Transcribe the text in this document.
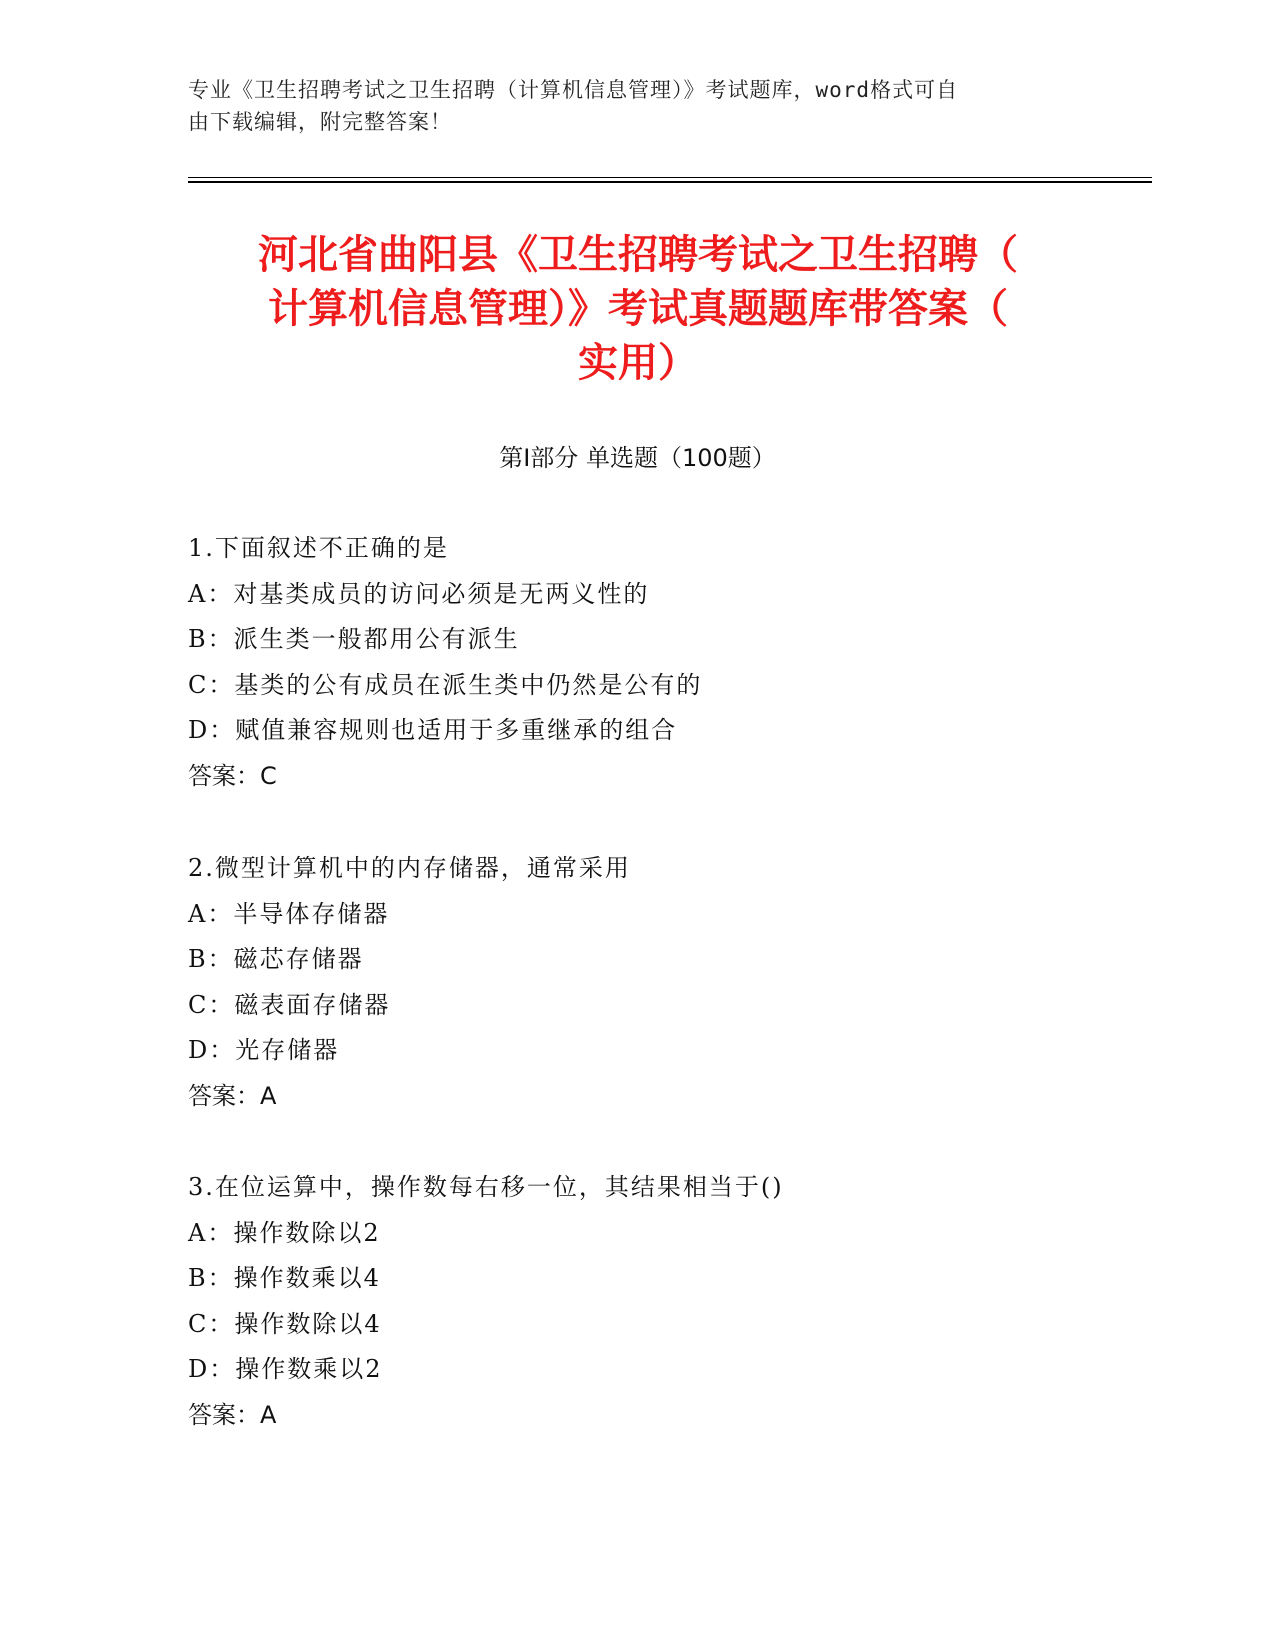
专业《卫生招聘考试之卫生招聘（计算机信息管理）》考试题库，word格式可自
由下载编辑，附完整答案！
河北省曲阳县《卫生招聘考试之卫生招聘（
计算机信息管理）》考试真题题库带答案（
实用）
第Ⅰ部分 单选题（100题）
1.下面叙述不正确的是
A：对基类成员的访问必须是无两义性的
B：派生类一般都用公有派生
C：基类的公有成员在派生类中仍然是公有的
D：赋值兼容规则也适用于多重继承的组合
答案：C
2.微型计算机中的内存储器，通常采用
A：半导体存储器
B：磁芯存储器
C：磁表面存储器
D：光存储器
答案：A
3.在位运算中，操作数每右移一位，其结果相当于()
A：操作数除以2
B：操作数乘以4
C：操作数除以4
D：操作数乘以2
答案：A
